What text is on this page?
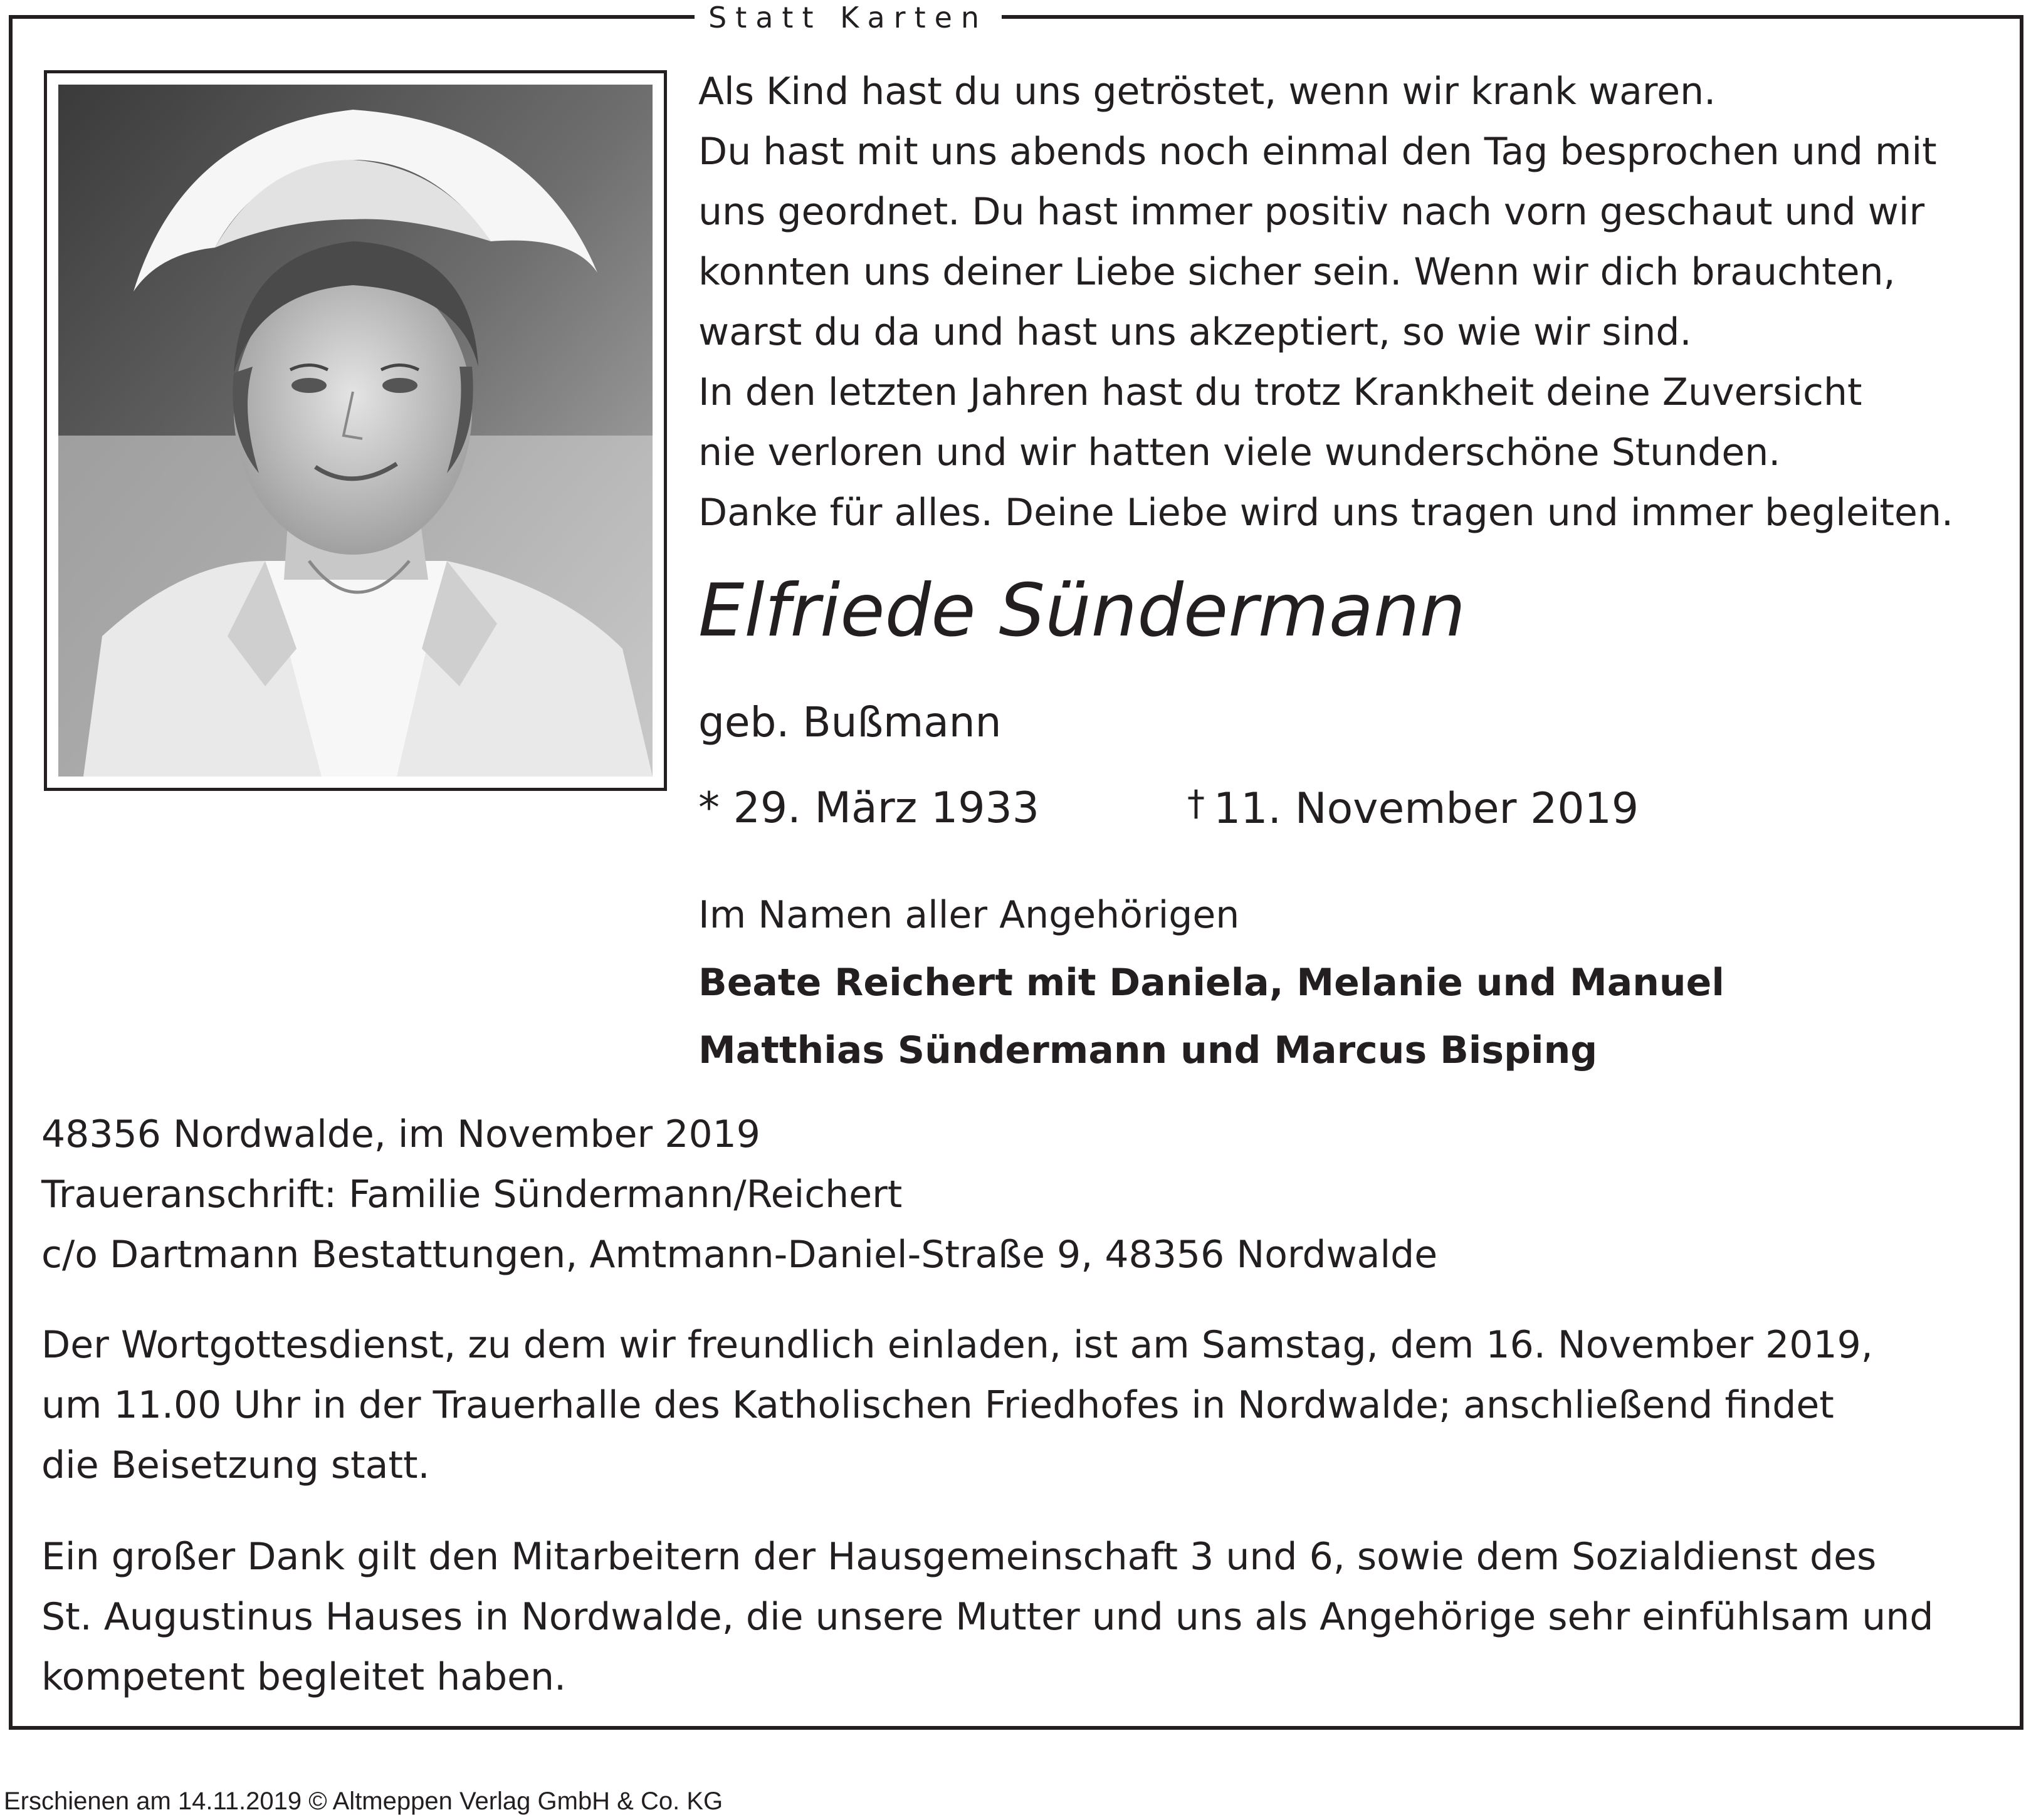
Statt Karten
Als Kind hast du uns getröstet, wenn wir krank waren.
Du hast mit uns abends noch einmal den Tag besprochen und mit
uns geordnet. Du hast immer positiv nach vorn geschaut und wir
konnten uns deiner Liebe sicher sein. Wenn wir dich brauchten,
warst du da und hast uns akzeptiert, so wie wir sind.
In den letzten Jahren hast du trotz Krankheit deine Zuversicht
nie verloren und wir hatten viele wunderschöne Stunden.
Danke für alles. Deine Liebe wird uns tragen und immer begleiten.
Elfriede Sündermann
geb. Bußmann
* 29. März 1933	† 11. November 2019
Im Namen aller Angehörigen
Beate Reichert mit Daniela, Melanie und Manuel
Matthias Sündermann und Marcus Bisping
48356 Nordwalde, im November 2019
Traueranschrift: Familie Sündermann/Reichert
c/o Dartmann Bestattungen, Amtmann-Daniel-Straße 9, 48356 Nordwalde
Der Wortgottesdienst, zu dem wir freundlich einladen, ist am Samstag, dem 16. November 2019,
um 11.00 Uhr in der Trauerhalle des Katholischen Friedhofes in Nordwalde; anschließend findet
die Beisetzung statt.
Ein großer Dank gilt den Mitarbeitern der Hausgemeinschaft 3 und 6, sowie dem Sozialdienst des
St. Augustinus Hauses in Nordwalde, die unsere Mutter und uns als Angehörige sehr einfühlsam und
kompetent begleitet haben.
Erschienen am 14.11.2019 © Altmeppen Verlag GmbH & Co. KG
